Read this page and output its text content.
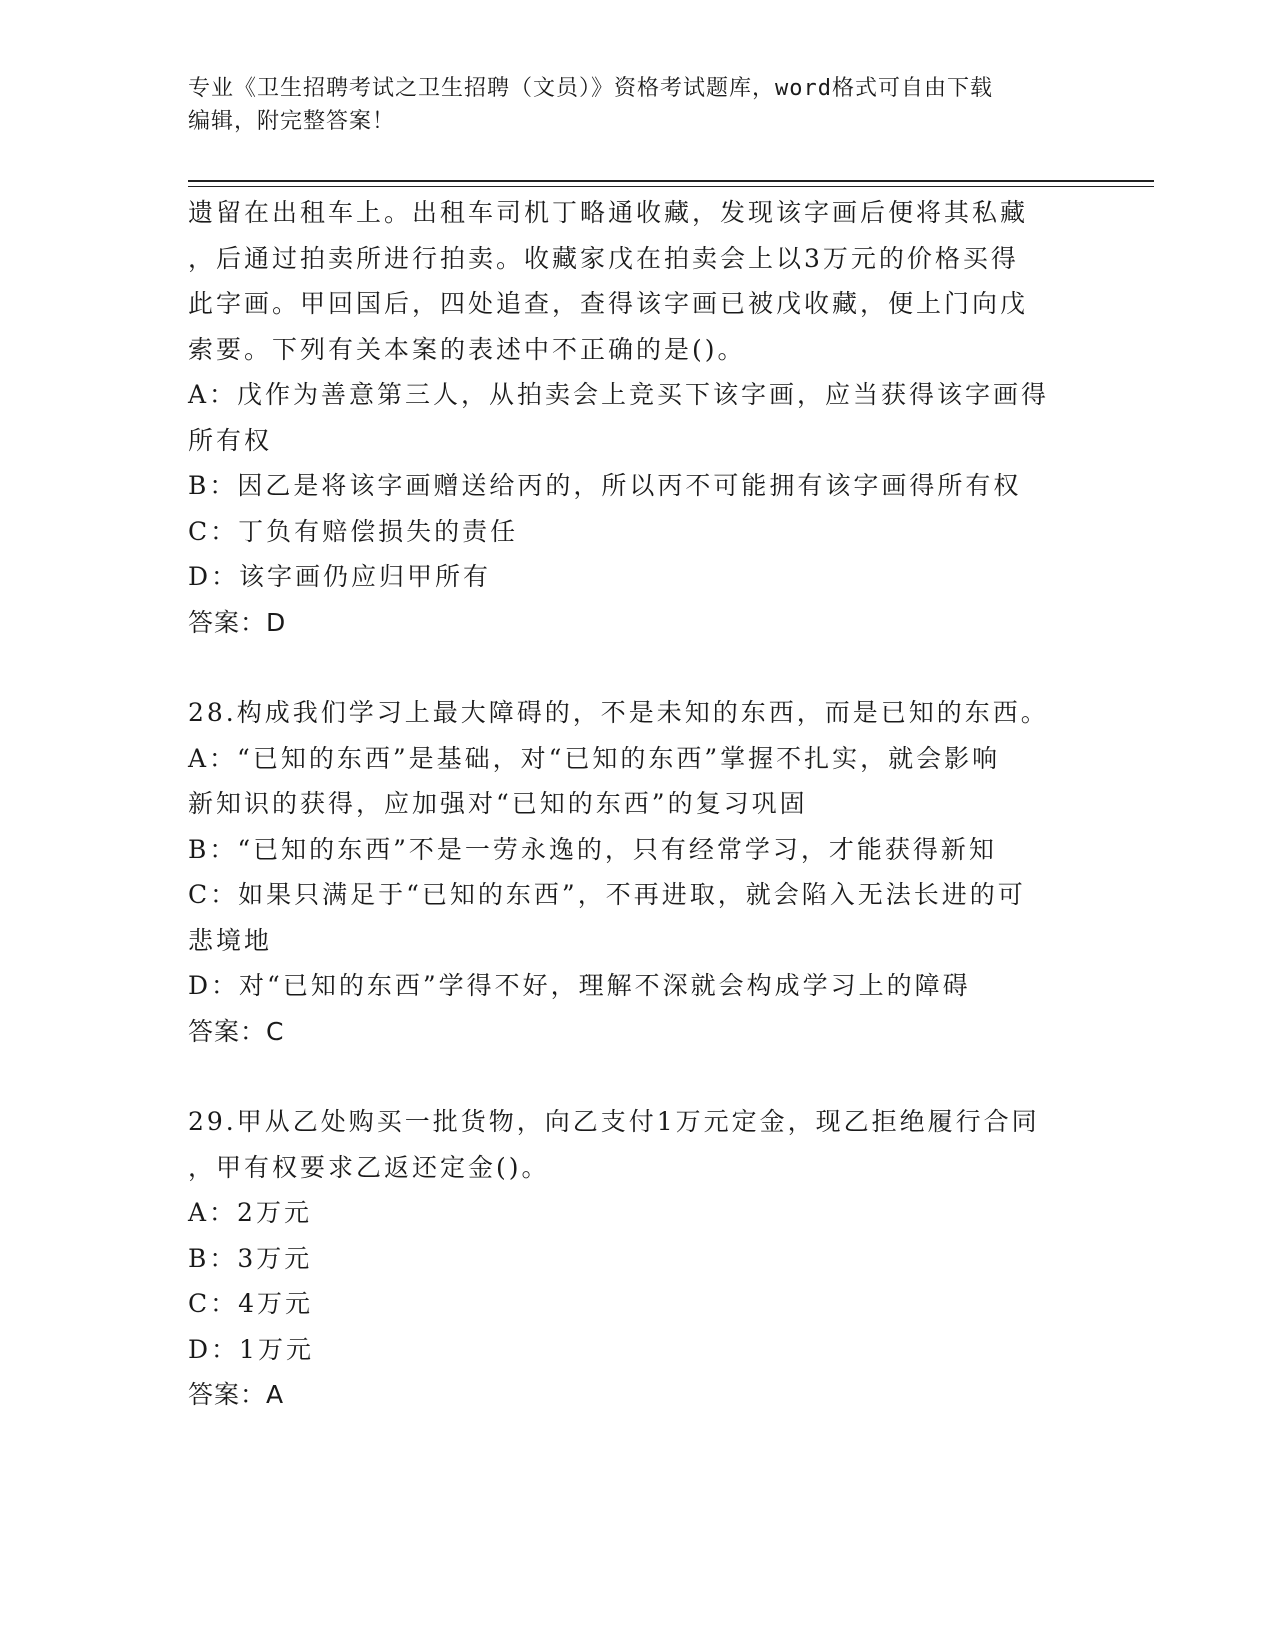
专业《卫生招聘考试之卫生招聘（文员）》资格考试题库，word格式可自由下载
编辑，附完整答案！

遗留在出租车上。出租车司机丁略通收藏，发现该字画后便将其私藏

，后通过拍卖所进行拍卖。收藏家戊在拍卖会上以3万元的价格买得

此字画。甲回国后，四处追查，查得该字画已被戊收藏，便上门向戊

索要。下列有关本案的表述中不正确的是()。

A：戊作为善意第三人，从拍卖会上竞买下该字画，应当获得该字画得

所有权

B：因乙是将该字画赠送给丙的，所以丙不可能拥有该字画得所有权

C：丁负有赔偿损失的责任

D：该字画仍应归甲所有

答案：D

28.构成我们学习上最大障碍的，不是未知的东西，而是已知的东西。

A：“已知的东西”是基础，对“已知的东西”掌握不扎实，就会影响

新知识的获得，应加强对“已知的东西”的复习巩固

B：“已知的东西”不是一劳永逸的，只有经常学习，才能获得新知

C：如果只满足于“已知的东西”，不再进取，就会陷入无法长进的可

悲境地

D：对“已知的东西”学得不好，理解不深就会构成学习上的障碍

答案：C

29.甲从乙处购买一批货物，向乙支付1万元定金，现乙拒绝履行合同

，甲有权要求乙返还定金()。

A：2万元

B：3万元

C：4万元

D：1万元

答案：A
